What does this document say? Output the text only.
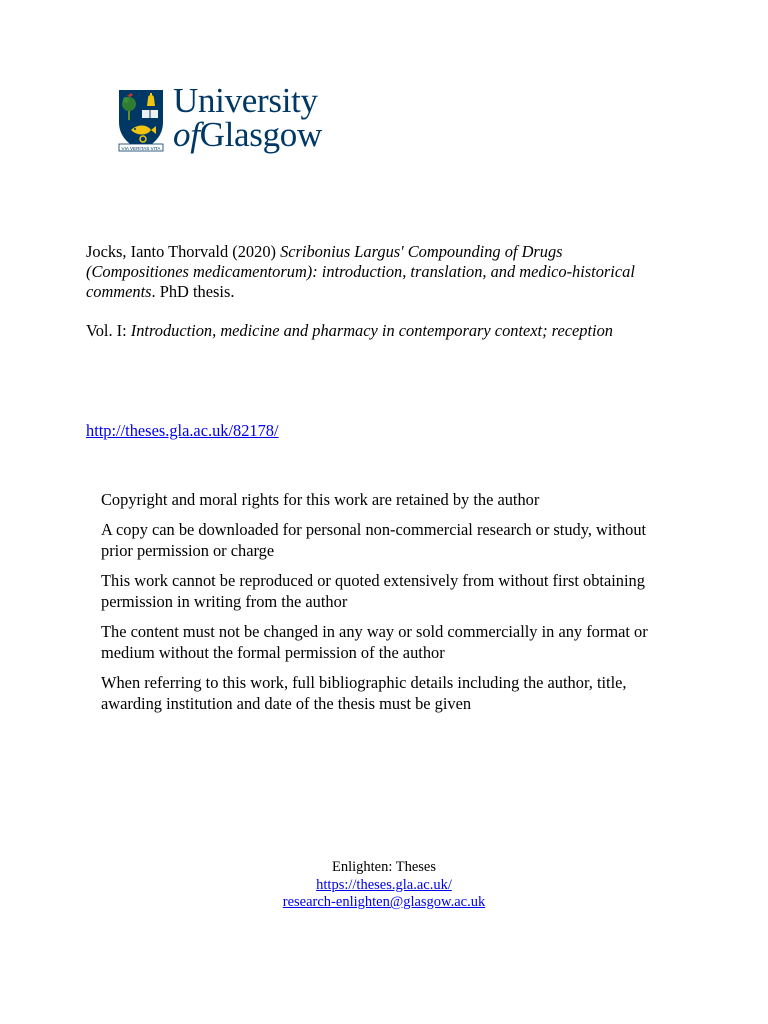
VIA VERITAS VITA
University
ofGlasgow
Jocks, Ianto Thorvald (2020) Scribonius Largus' Compounding of Drugs (Compositiones medicamentorum): introduction, translation, and medico-historical comments. PhD thesis.
Vol. I: Introduction, medicine and pharmacy in contemporary context; reception
http://theses.gla.ac.uk/82178/

Copyright and moral rights for this work are retained by the author

A copy can be downloaded for personal non-commercial research or study, without prior permission or charge

This work cannot be reproduced or quoted extensively from without first obtaining permission in writing from the author

The content must not be changed in any way or sold commercially in any format or medium without the formal permission of the author

When referring to this work, full bibliographic details including the author, title, awarding institution and date of the thesis must be given

Enlighten: Theses
https://theses.gla.ac.uk/
research-enlighten@glasgow.ac.uk
